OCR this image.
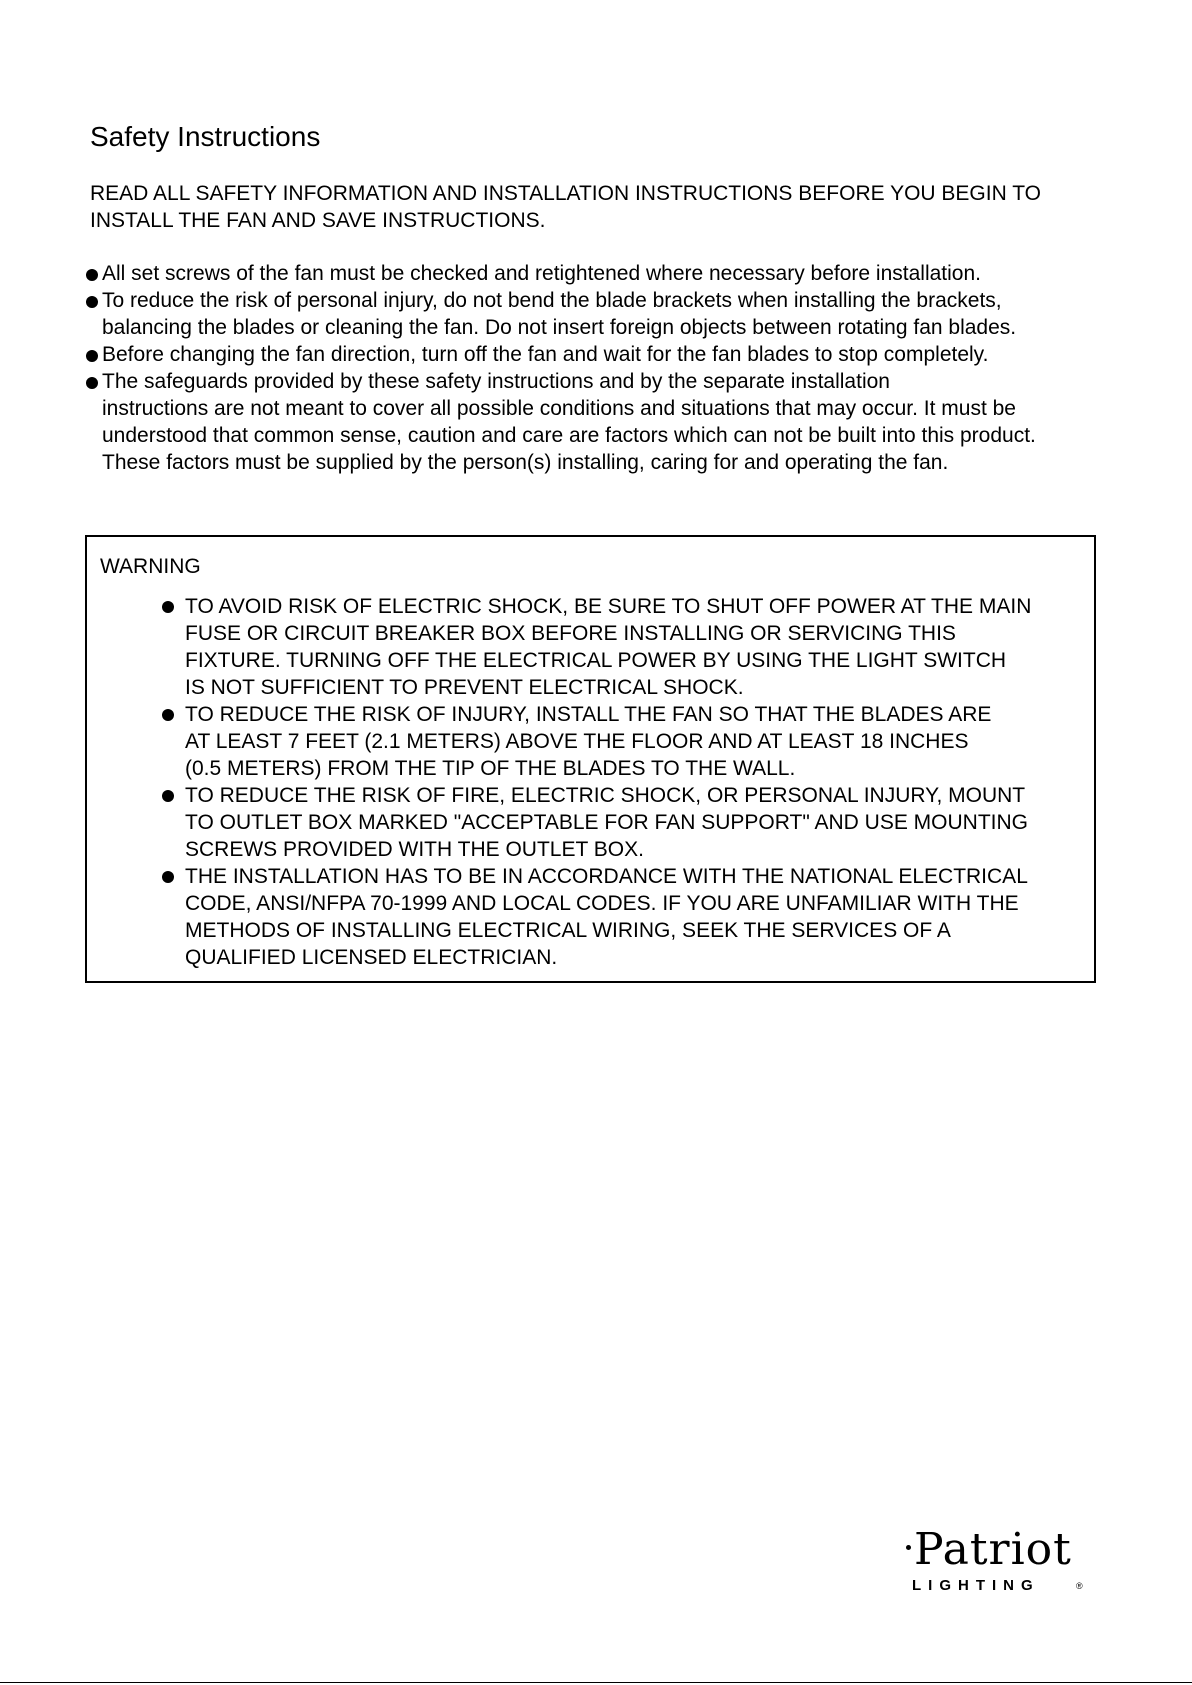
Safety Instructions
READ ALL SAFETY INFORMATION AND INSTALLATION INSTRUCTIONS BEFORE YOU BEGIN TO
INSTALL THE FAN AND SAVE INSTRUCTIONS.
All set screws of the fan must be checked and retightened where necessary before installation.
To reduce the risk of personal injury, do not bend the blade brackets when installing the brackets,
balancing the blades or cleaning the fan. Do not insert foreign objects between rotating fan blades.
Before changing the fan direction, turn off the fan and wait for the fan blades to stop completely.
The safeguards provided by these safety instructions and by the separate installation
instructions are not meant to cover all possible conditions and situations that may occur. It must be
understood that common sense, caution and care are factors which can not be built into this product.
These factors must be supplied by the person(s) installing, caring for and operating the fan.
WARNING
TO AVOID RISK OF ELECTRIC SHOCK, BE SURE TO SHUT OFF POWER AT THE MAIN
FUSE OR CIRCUIT BREAKER BOX BEFORE INSTALLING OR SERVICING THIS
FIXTURE. TURNING OFF THE ELECTRICAL POWER BY USING THE LIGHT SWITCH
IS NOT SUFFICIENT TO PREVENT ELECTRICAL SHOCK.
TO REDUCE THE RISK OF INJURY, INSTALL THE FAN SO THAT THE BLADES ARE
AT LEAST 7 FEET (2.1 METERS) ABOVE THE FLOOR AND AT LEAST 18 INCHES
(0.5 METERS) FROM THE TIP OF THE BLADES TO THE WALL.
TO REDUCE THE RISK OF FIRE, ELECTRIC SHOCK, OR PERSONAL INJURY, MOUNT
TO OUTLET BOX MARKED "ACCEPTABLE FOR FAN SUPPORT" AND USE MOUNTING
SCREWS PROVIDED WITH THE OUTLET BOX.
THE INSTALLATION HAS TO BE IN ACCORDANCE WITH THE NATIONAL ELECTRICAL
CODE, ANSI/NFPA 70-1999 AND LOCAL CODES. IF YOU ARE UNFAMILIAR WITH THE
METHODS OF INSTALLING ELECTRICAL WIRING, SEEK THE SERVICES OF A
QUALIFIED LICENSED ELECTRICIAN.
Patriot
LIGHTING	®
